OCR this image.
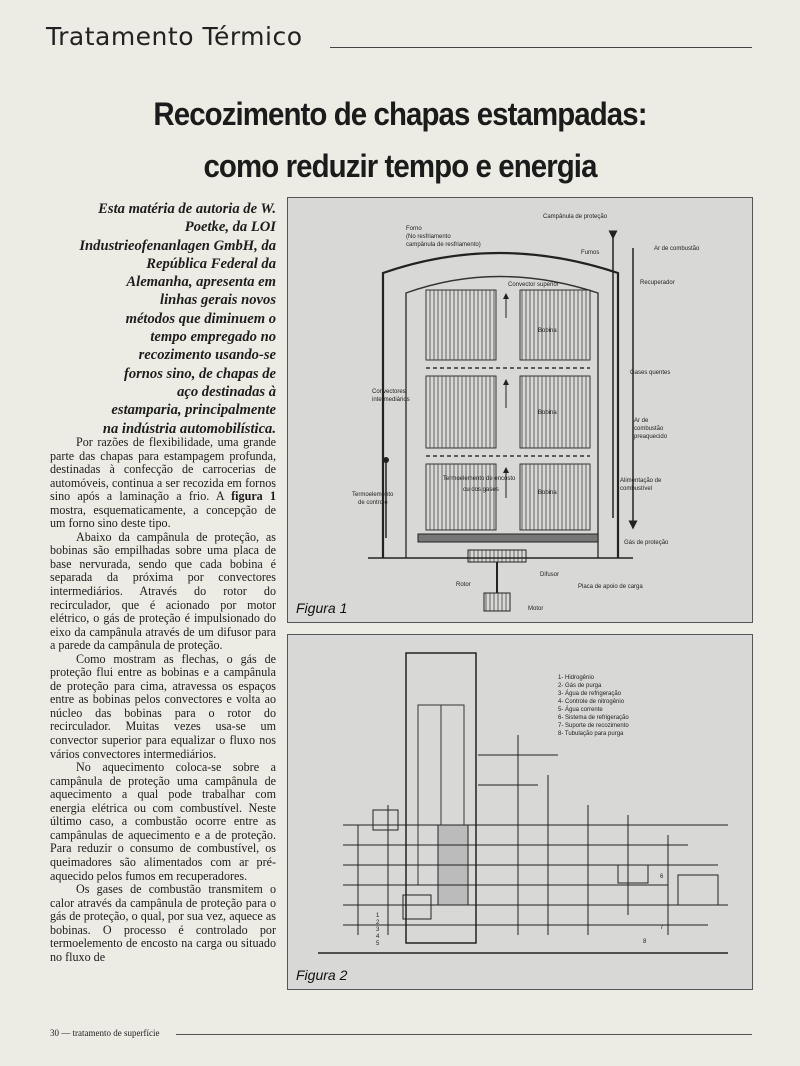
Tratamento Térmico
Recozimento de chapas estampadas:
como reduzir tempo e energia
Esta matéria de autoria de W.
Poetke, da LOI
Industrieofenanlagen GmbH, da
República Federal da
Alemanha, apresenta em
linhas gerais novos
métodos que diminuem o
tempo empregado no
recozimento usando-se
fornos sino, de chapas de
aço destinadas à
estamparia, principalmente
na indústria automobilística.

Por razões de flexibilidade, uma grande parte das chapas para estampagem profunda, destinadas à confecção de carrocerias de automóveis, continua a ser recozida em fornos sino após a laminação a frio. A figura 1 mostra, esquematicamente, a concepção de um forno sino deste tipo.

Abaixo da campânula de proteção, as bobinas são empilhadas sobre uma placa de base nervurada, sendo que cada bobina é separada da próxima por convectores intermediários. Através do rotor do recirculador, que é acionado por motor elétrico, o gás de proteção é impulsionado do eixo da campânula através de um difusor para a parede da campânula de proteção.

Como mostram as flechas, o gás de proteção flui entre as bobinas e a campânula de proteção para cima, atravessa os espaços entre as bobinas pelos convectores e volta ao núcleo das bobinas para o rotor do recirculador. Muitas vezes usa-se um convector superior para equalizar o fluxo nos vários convectores intermediários.

No aquecimento coloca-se sobre a campânula de proteção uma campânula de aquecimento a qual pode trabalhar com energia elétrica ou com combustível. Neste último caso, a combustão ocorre entre as campânulas de aquecimento e a de proteção. Para reduzir o consumo de combustível, os queimadores são alimentados com ar pré-aquecido pelos fumos em recuperadores.

Os gases de combustão transmitem o calor através da campânula de proteção para o gás de proteção, o qual, por sua vez, aquece as bobinas. O processo é controlado por termoelemento de encosto na carga ou situado no fluxo de

Forno
(No resfriamento
campânula de resfriamento)
Campânula de proteção
Fumos
Ar de combustão
Convector superior	Recuperador
Bobina
Bobina
Bobina
Gases quentes
Convectores
intermediários
Ar de
combustão
preaquecido
Termoelemento de encosto
ou dos gases
Alimentação de
combustível
Termoelemento
de controle
Gás de proteção
Difusor
Rotor	Placa de apoio de carga
Motor
Figura 1
1- Hidrogênio
2- Gás de purga
3- Água de refrigeração
4- Controle de nitrogênio
5- Água corrente
6- Sistema de refrigeração
7- Suporte de recozimento
8- Tubulação para purga
1
2
3
4
5
6
7
8
Figura 2
30 — tratamento de superfície
